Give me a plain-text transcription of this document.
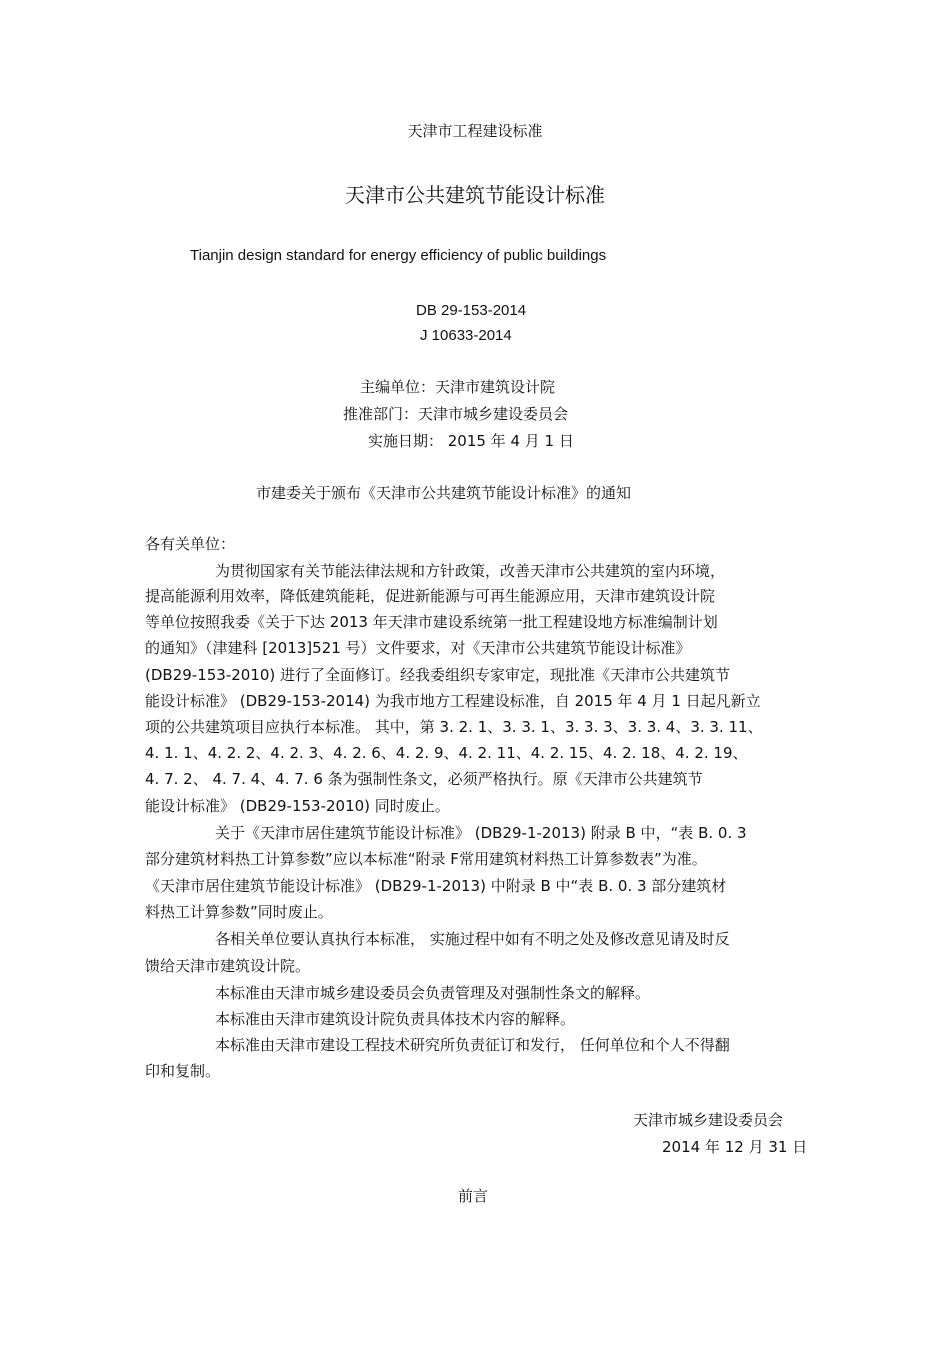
天津市工程建设标准
天津市公共建筑节能设计标准
Tianjin design standard for energy efficiency of public buildings
DB 29-153-2014
J 10633-2014
主编单位：天津市建筑设计院
推准部门：天津市城乡建设委员会
实施日期： 2015 年 4 月 1 日
市建委关于颁布《天津市公共建筑节能设计标准》的通知
各有关单位：
为贯彻国家有关节能法律法规和方针政策，改善天津市公共建筑的室内环境，
提高能源利用效率，降低建筑能耗，促进新能源与可再生能源应用，天津市建筑设计院
等单位按照我委《关于下达 2013 年天津市建设系统第一批工程建设地方标准编制计划
的通知》（津建科 [2013]521 号）文件要求，对《天津市公共建筑节能设计标准》
(DB29-153-2010) 进行了全面修订。经我委组织专家审定，现批准《天津市公共建筑节
能设计标准》 (DB29-153-2014) 为我市地方工程建设标准，自 2015 年 4 月 1 日起凡新立
项的公共建筑项目应执行本标准。 其中，第 3. 2. 1、3. 3. 1、3. 3. 3、3. 3. 4、3. 3. 11、
4. 1. 1、4. 2. 2、4. 2. 3、4. 2. 6、4. 2. 9、4. 2. 11、4. 2. 15、4. 2. 18、4. 2. 19、
4. 7. 2、 4. 7. 4、4. 7. 6 条为强制性条文，必须严格执行。原《天津市公共建筑节
能设计标准》 (DB29-153-2010) 同时废止。
关于《天津市居住建筑节能设计标准》 (DB29-1-2013) 附录 B 中，“表 B. 0. 3
部分建筑材料热工计算参数”应以本标准“附录 F常用建筑材料热工计算参数表”为准。
《天津市居住建筑节能设计标准》 (DB29-1-2013) 中附录 B 中“表 B. 0. 3 部分建筑材
料热工计算参数”同时废止。
各相关单位要认真执行本标准， 实施过程中如有不明之处及修改意见请及时反
馈给天津市建筑设计院。
本标准由天津市城乡建设委员会负责管理及对强制性条文的解释。
本标准由天津市建筑设计院负责具体技术内容的解释。
本标准由天津市建设工程技术研究所负责征订和发行， 任何单位和个人不得翻
印和复制。
天津市城乡建设委员会
2014 年 12 月 31 日
前言
